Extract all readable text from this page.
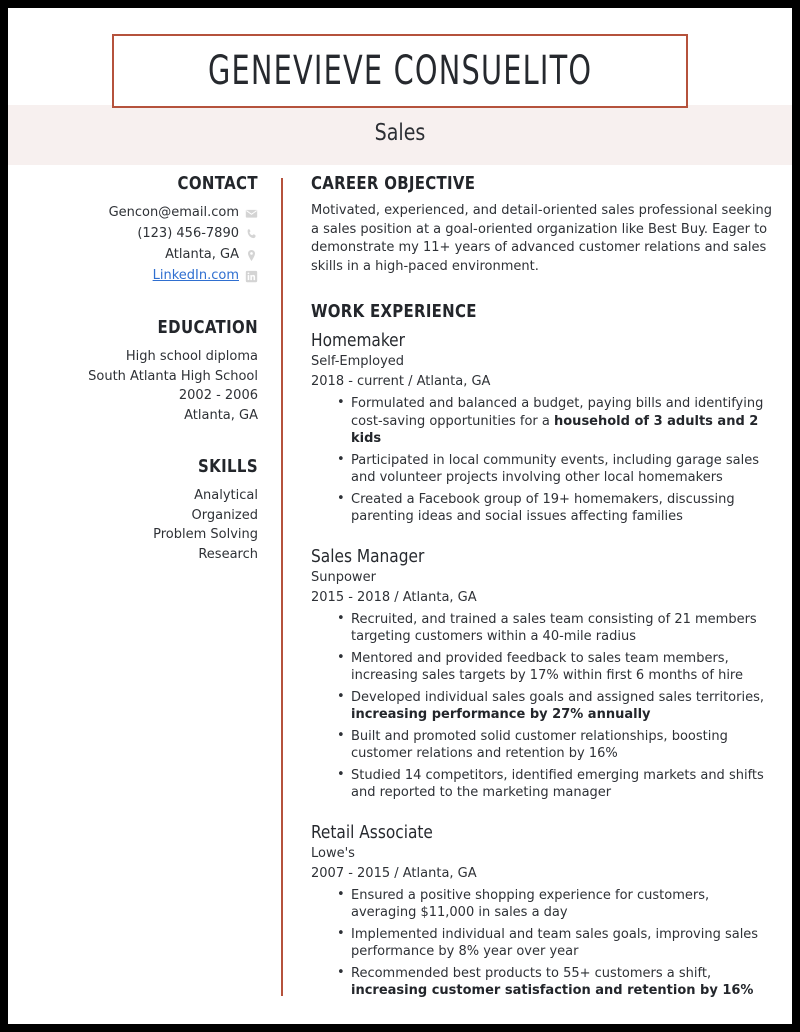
GENEVIEVE CONSUELITO
Sales
CONTACT
Gencon@email.com
(123) 456-7890
Atlanta, GA
LinkedIn.com
EDUCATION
High school diploma
South Atlanta High School
2002 - 2006
Atlanta, GA
SKILLS
Analytical
Organized
Problem Solving
Research
CAREER OBJECTIVE

Motivated, experienced, and detail-oriented sales professional seeking a sales position at a goal-oriented organization like Best Buy. Eager to demonstrate my 11+ years of advanced customer relations and sales skills in a high-paced environment.

WORK EXPERIENCE
Homemaker
Self-Employed
2018 - current / Atlanta, GA
• Formulated and balanced a budget, paying bills and identifying cost-saving opportunities for a household of 3 adults and 2 kids
• Participated in local community events, including garage sales and volunteer projects involving other local homemakers
• Created a Facebook group of 19+ homemakers, discussing parenting ideas and social issues affecting families
Sales Manager
Sunpower
2015 - 2018 / Atlanta, GA
• Recruited, and trained a sales team consisting of 21 members targeting customers within a 40-mile radius
• Mentored and provided feedback to sales team members, increasing sales targets by 17% within first 6 months of hire
• Developed individual sales goals and assigned sales territories, increasing performance by 27% annually
• Built and promoted solid customer relationships, boosting customer relations and retention by 16%
• Studied 14 competitors, identified emerging markets and shifts and reported to the marketing manager
Retail Associate
Lowe's
2007 - 2015 / Atlanta, GA
• Ensured a positive shopping experience for customers, averaging $11,000 in sales a day
• Implemented individual and team sales goals, improving sales performance by 8% year over year
• Recommended best products to 55+ customers a shift, increasing customer satisfaction and retention by 16%
